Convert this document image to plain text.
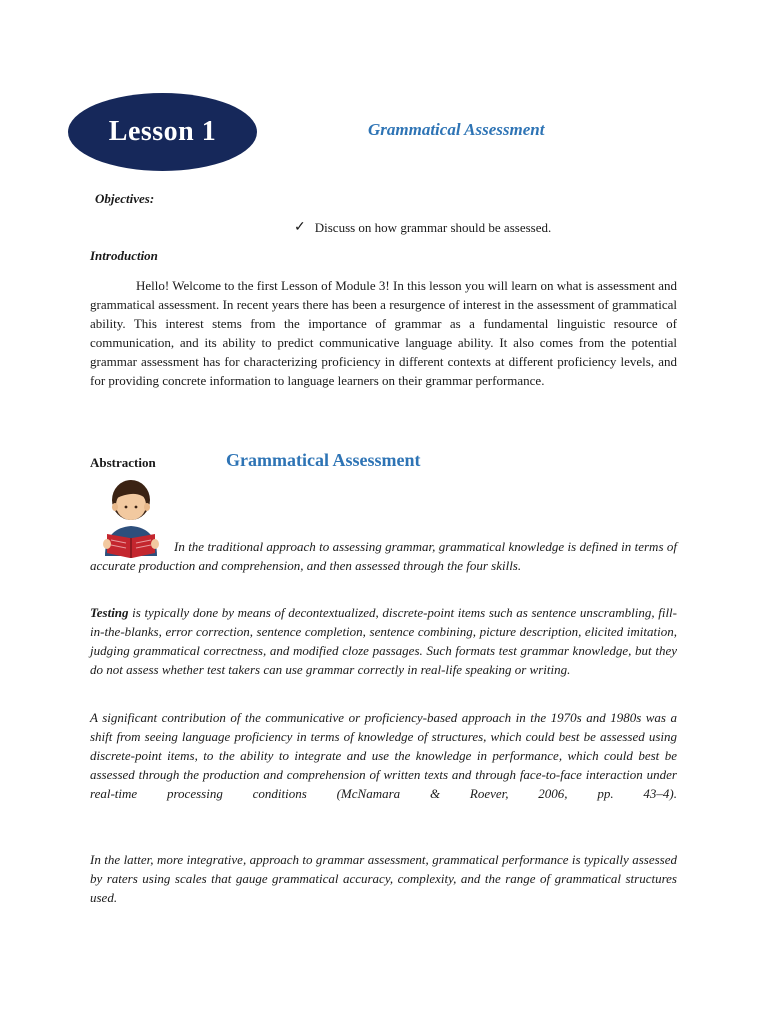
Lesson 1	Grammatical Assessment
Objectives:
✓ Discuss on how grammar should be assessed.
Introduction

Hello! Welcome to the first Lesson of Module 3! In this lesson you will learn on what is assessment and grammatical assessment. In recent years there has been a resurgence of interest in the assessment of grammatical ability. This interest stems from the importance of grammar as a fundamental linguistic resource of communication, and its ability to predict communicative language ability. It also comes from the potential grammar assessment has for characterizing proficiency in different contexts at different proficiency levels, and for providing concrete information to language learners on their grammar performance.

Abstraction	Grammatical Assessment

In the traditional approach to assessing grammar, grammatical knowledge is defined in terms of accurate production and comprehension, and then assessed through the four skills.

Testing is typically done by means of decontextualized, discrete-point items such as sentence unscrambling, fill-in-the-blanks, error correction, sentence completion, sentence combining, picture description, elicited imitation, judging grammatical correctness, and modified cloze passages. Such formats test grammar knowledge, but they do not assess whether test takers can use grammar correctly in real-life speaking or writing.

A significant contribution of the communicative or proficiency-based approach in the 1970s and 1980s was a shift from seeing language proficiency in terms of knowledge of structures, which could best be assessed using discrete-point items, to the ability to integrate and use the knowledge in performance, which could best be assessed through the production and comprehension of written texts and through face-to-face interaction under real-time processing conditions (McNamara & Roever, 2006, pp. 43–4).

In the latter, more integrative, approach to grammar assessment, grammatical performance is typically assessed by raters using scales that gauge grammatical accuracy, complexity, and the range of grammatical structures used.
